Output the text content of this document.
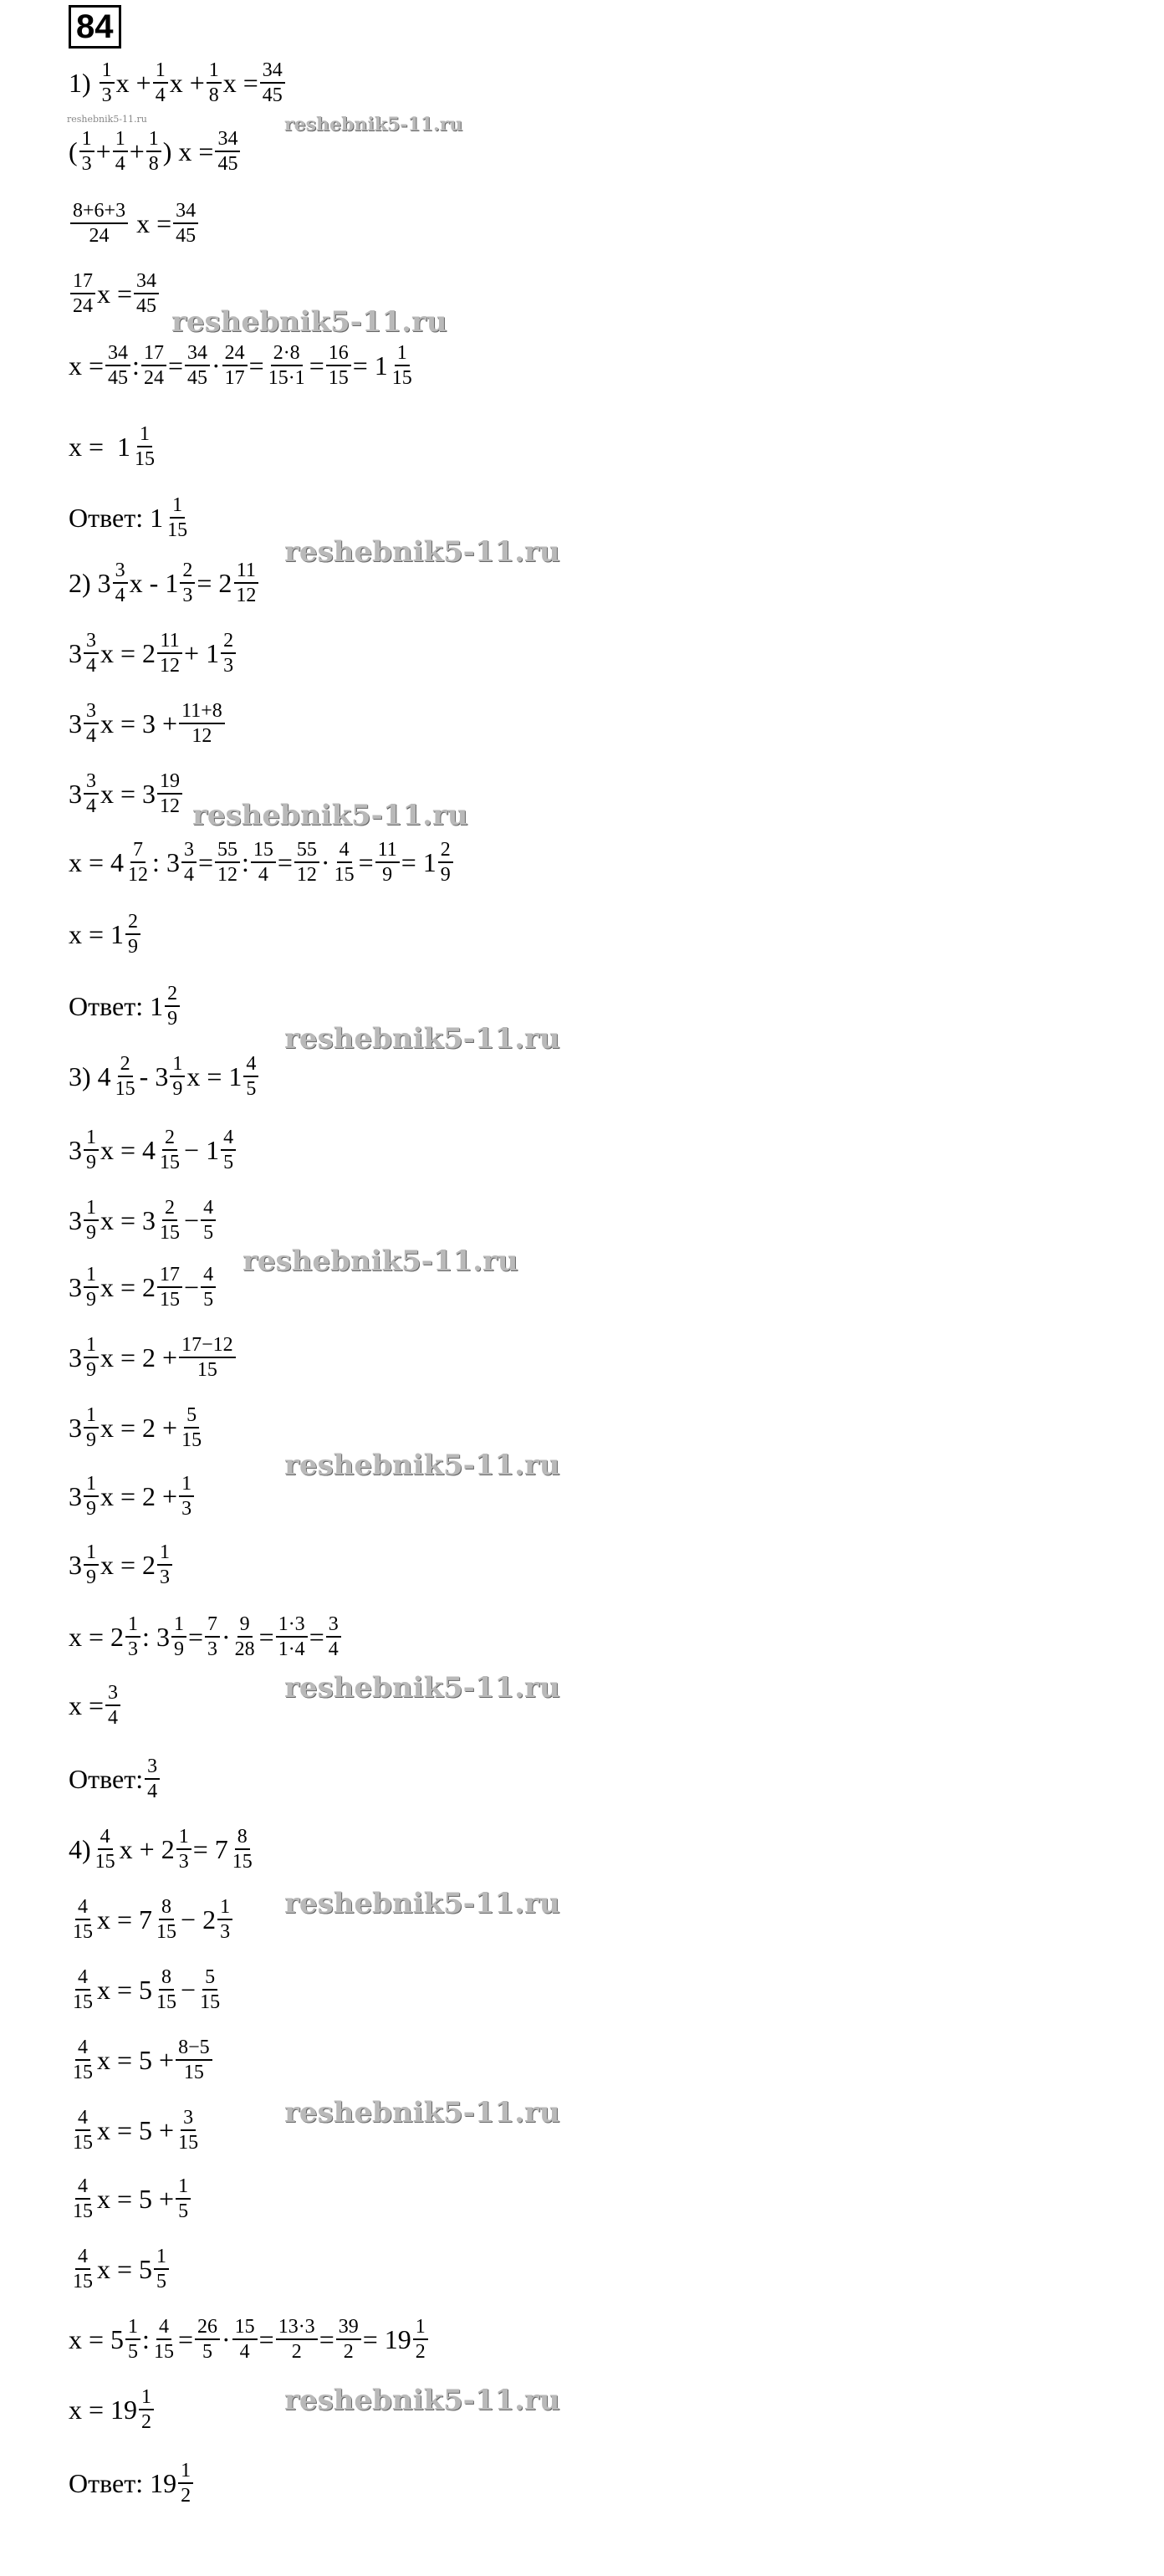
84
$1) \frac{1}{3}$ $x + \frac{1}{4}$ $x + \frac{1}{8}$ $x = \frac{34}{45}$
( $\frac{1}{3} + \frac{1}{4} + \frac{1}{8}$ ) $x = \frac{34}{45}$
$\frac{8+6+3}{24}$ $x = \frac{34}{45}$
$\frac{17}{24}$ $x = \frac{34}{45}$
$x = \frac{34}{45}$ : $\frac{17}{24} = \frac{34}{45} \cdot \frac{24}{17} = \frac{2\cdot 8}{15\cdot 1} = \frac{16}{15} = 1 \frac{1}{15}$
$x = 1 \frac{1}{15}$
Ответ: $1 \frac{1}{15}$
2) $3 \frac{3}{4}$ $x - 1 \frac{2}{3} = 2 \frac{11}{12}$
$3 \frac{3}{4}$ $x = 2 \frac{11}{12} + 1 \frac{2}{3}$
$3 \frac{3}{4}$ $x = 3 + \frac{11+8}{12}$
$3 \frac{3}{4}$ $x = 3 \frac{19}{12}$
$x = 4 \frac{7}{12}$ : $3 \frac{3}{4} = \frac{55}{12}$ : $\frac{15}{4} = \frac{55}{12} \cdot \frac{4}{15} = \frac{11}{9} = 1 \frac{2}{9}$
$x = 1 \frac{2}{9}$
Ответ: $1 \frac{2}{9}$
3) $4 \frac{2}{15} - 3 \frac{1}{9}$ $x = 1 \frac{4}{5}$
$3 \frac{1}{9}$ $x = 4 \frac{2}{15} - 1 \frac{4}{5}$
$3 \frac{1}{9}$ $x = 3 \frac{2}{15} - \frac{4}{5}$
$3 \frac{1}{9}$ $x = 2 \frac{17}{15} - \frac{4}{5}$
$3 \frac{1}{9}$ $x = 2 + \frac{17-12}{15}$
$3 \frac{1}{9}$ $x = 2 + \frac{5}{15}$
$3 \frac{1}{9}$ $x = 2 + \frac{1}{3}$
$3 \frac{1}{9}$ $x = 2 \frac{1}{3}$
$x = 2 \frac{1}{3}$ : $3 \frac{1}{9} = \frac{7}{3} \cdot \frac{9}{28} = \frac{1\cdot 3}{1\cdot 4} = \frac{3}{4}$
$x = \frac{3}{4}$
Ответ: $\frac{3}{4}$
$4) \frac{4}{15}$ $x + 2 \frac{1}{3} = 7 \frac{8}{15}$
$\frac{4}{15}$ $x = 7 \frac{8}{15} - 2 \frac{1}{3}$
$\frac{4}{15}$ $x = 5 \frac{8}{15} - \frac{5}{15}$
$\frac{4}{15}$ $x = 5 + \frac{8-5}{15}$
$\frac{4}{15}$ $x = 5 + \frac{3}{15}$
$\frac{4}{15}$ $x = 5 + \frac{1}{5}$
$\frac{4}{15}$ $x = 5 \frac{1}{5}$
$x = 5 \frac{1}{5}$ : $\frac{4}{15} = \frac{26}{5} \cdot \frac{15}{4} = \frac{13\cdot 3}{2} = \frac{39}{2} = 19 \frac{1}{2}$
$x = 19 \frac{1}{2}$
Ответ: $19 \frac{1}{2}$
reshebnik5-11.ru	reshebnik5-11.ru
reshebnik5-11.ru
reshebnik5-11.ru
reshebnik5-11.ru
reshebnik5-11.ru
reshebnik5-11.ru
reshebnik5-11.ru
reshebnik5-11.ru
reshebnik5-11.ru
reshebnik5-11.ru
reshebnik5-11.ru
